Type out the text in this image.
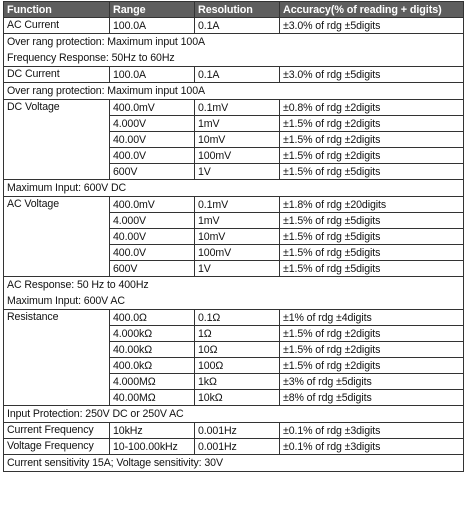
Function	Range	Resolution	Accuracy(% of reading + digits)
AC Current	100.0A	0.1A	±3.0% of rdg ±5digits

Over rang protection: Maximum input 100A
Frequency Response: 50Hz to 60Hz			

DC Current	100.0A	0.1A	±3.0% of rdg ±5digits

Over rang protection: Maximum input 100A			

DC Voltage	400.0mV	0.1mV	±0.8% of rdg ±2digits
	4.000V	1mV	±1.5% of rdg ±2digits
	40.00V	10mV	±1.5% of rdg ±2digits
	400.0V	100mV	±1.5% of rdg ±2digits
	600V	1V	±1.5% of rdg ±5digits

Maximum Input: 600V DC			

AC Voltage	400.0mV	0.1mV	±1.8% of rdg ±20digits
	4.000V	1mV	±1.5% of rdg ±5digits
	40.00V	10mV	±1.5% of rdg ±5digits
	400.0V	100mV	±1.5% of rdg ±5digits
	600V	1V	±1.5% of rdg ±5digits

AC Response: 50 Hz to 400Hz
Maximum Input: 600V AC			

Resistance	400.0Ω	0.1Ω	±1% of rdg ±4digits
	4.000kΩ	1Ω	±1.5% of rdg ±2digits
	40.00kΩ	10Ω	±1.5% of rdg ±2digits
	400.0kΩ	100Ω	±1.5% of rdg ±2digits
	4.000MΩ	1kΩ	±3% of rdg ±5digits
	40.00MΩ	10kΩ	±8% of rdg ±5digits

Input Protection: 250V DC or 250V AC			

Current Frequency	10kHz	0.001Hz	±0.1% of rdg ±3digits
Voltage Frequency	10-100.00kHz	0.001Hz	±0.1% of rdg ±3digits

Current sensitivity 15A; Voltage sensitivity: 30V			
